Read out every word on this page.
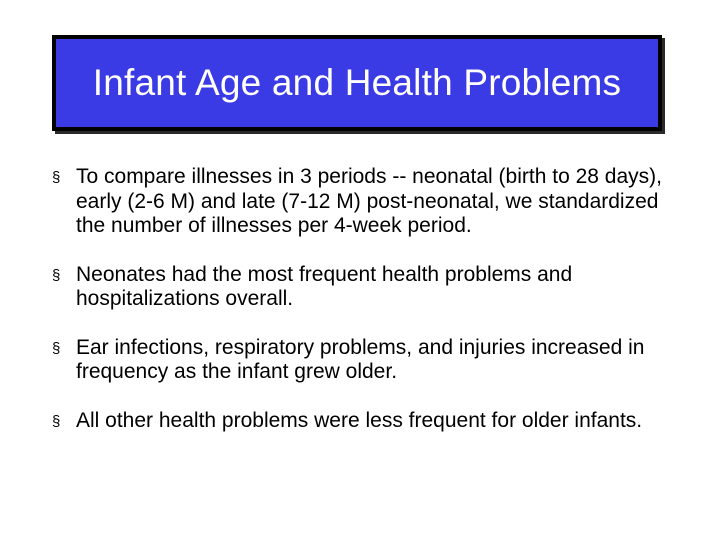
Infant Age and Health Problems
§ To compare illnesses in 3 periods -- neonatal (birth to 28 days), early (2-6 M) and late (7-12 M) post-neonatal, we standardized the number of illnesses per 4-week period.
§ Neonates had the most frequent health problems and hospitalizations overall.
§ Ear infections, respiratory problems, and injuries increased in frequency as the infant grew older.
§ All other health problems were less frequent for older infants.
